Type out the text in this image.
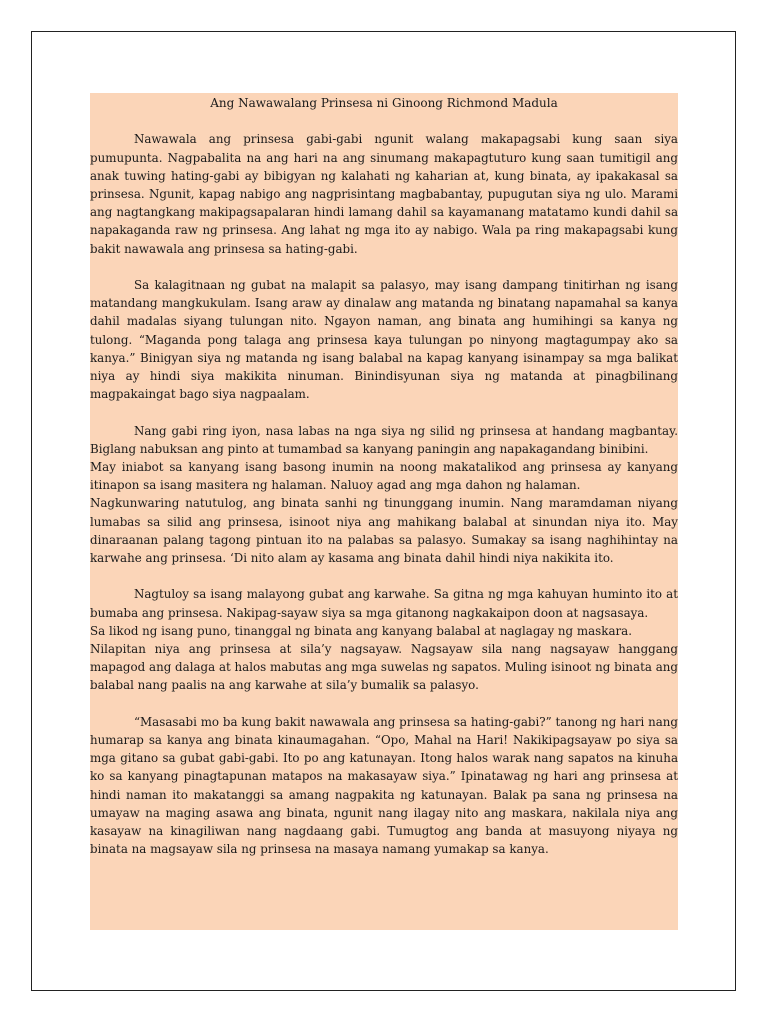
Ang Nawawalang Prinsesa ni Ginoong Richmond Madula

Nawawala ang prinsesa gabi-gabi ngunit walang makapagsabi kung saan siya pumupunta. Nagpabalita na ang hari na ang sinumang makapagtuturo kung saan tumitigil ang anak tuwing hating-gabi ay bibigyan ng kalahati ng kaharian at, kung binata, ay ipakakasal sa prinsesa. Ngunit, kapag nabigo ang nagprisintang magbabantay, pupugutan siya ng ulo. Marami ang nagtangkang makipagsapalaran hindi lamang dahil sa kayamanang matatamo kundi dahil sa napakaganda raw ng prinsesa. Ang lahat ng mga ito ay nabigo. Wala pa ring makapagsabi kung bakit nawawala ang prinsesa sa hating-gabi.

Sa kalagitnaan ng gubat na malapit sa palasyo, may isang dampang tinitirhan ng isang matandang mangkukulam. Isang araw ay dinalaw ang matanda ng binatang napamahal sa kanya dahil madalas siyang tulungan nito. Ngayon naman, ang binata ang humihingi sa kanya ng tulong. “Maganda pong talaga ang prinsesa kaya tulungan po ninyong magtagumpay ako sa kanya.” Binigyan siya ng matanda ng isang balabal na kapag kanyang isinampay sa mga balikat niya ay hindi siya makikita ninuman. Binindisyunan siya ng matanda at pinagbilinang magpakaingat bago siya nagpaalam.

Nang gabi ring iyon, nasa labas na nga siya ng silid ng prinsesa at handang magbantay. Biglang nabuksan ang pinto at tumambad sa kanyang paningin ang napakagandang binibini.

May iniabot sa kanyang isang basong inumin na noong makatalikod ang prinsesa ay kanyang itinapon sa isang masitera ng halaman. Naluoy agad ang mga dahon ng halaman.

Nagkunwaring natutulog, ang binata sanhi ng tinunggang inumin. Nang maramdaman niyang lumabas sa silid ang prinsesa, isinoot niya ang mahikang balabal at sinundan niya ito. May dinaraanan palang tagong pintuan ito na palabas sa palasyo. Sumakay sa isang naghihintay na karwahe ang prinsesa. ‘Di nito alam ay kasama ang binata dahil hindi niya nakikita ito.

Nagtuloy sa isang malayong gubat ang karwahe. Sa gitna ng mga kahuyan huminto ito at bumaba ang prinsesa. Nakipag-sayaw siya sa mga gitanong nagkakaipon doon at nagsasaya.

Sa likod ng isang puno, tinanggal ng binata ang kanyang balabal at naglagay ng maskara.

Nilapitan niya ang prinsesa at sila’y nagsayaw. Nagsayaw sila nang nagsayaw hanggang mapagod ang dalaga at halos mabutas ang mga suwelas ng sapatos. Muling isinoot ng binata ang balabal nang paalis na ang karwahe at sila’y bumalik sa palasyo.

“Masasabi mo ba kung bakit nawawala ang prinsesa sa hating-gabi?” tanong ng hari nang humarap sa kanya ang binata kinaumagahan. “Opo, Mahal na Hari! Nakikipagsayaw po siya sa mga gitano sa gubat gabi-gabi. Ito po ang katunayan. Itong halos warak nang sapatos na kinuha ko sa kanyang pinagtapunan matapos na makasayaw siya.” Ipinatawag ng hari ang prinsesa at hindi naman ito makatanggi sa amang nagpakita ng katunayan. Balak pa sana ng prinsesa na umayaw na maging asawa ang binata, ngunit nang ilagay nito ang maskara, nakilala niya ang kasayaw na kinagiliwan nang nagdaang gabi. Tumugtog ang banda at masuyong niyaya ng binata na magsayaw sila ng prinsesa na masaya namang yumakap sa kanya.
